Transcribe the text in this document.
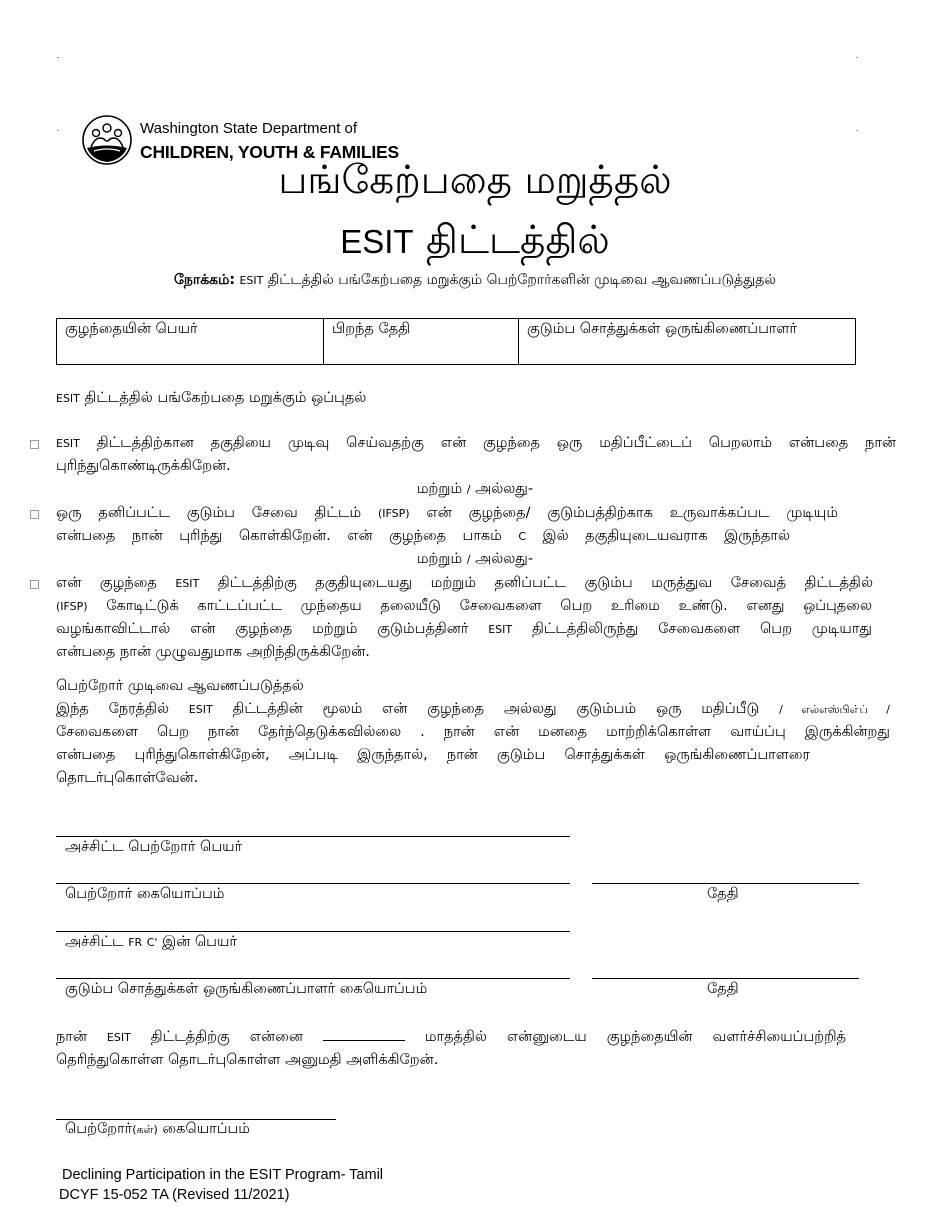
Washington State Department of
CHILDREN, YOUTH & FAMILIES
பங்கேற்பதை மறுத்தல்
ESIT திட்டத்தில்
நோக்கம்: ESIT திட்டத்தில் பங்கேற்பதை மறுக்கும் பெற்றோர்களின் முடிவை ஆவணப்படுத்துதல்
குழந்தையின் பெயர்	பிறந்த தேதி	குடும்ப சொத்துக்கள் ஒருங்கிணைப்பாளர்
ESIT திட்டத்தில் பங்கேற்பதை மறுக்கும் ஒப்புதல்
ESIT திட்டத்திற்கான தகுதியை முடிவு செய்வதற்கு என் குழந்தை ஒரு மதிப்பீட்டைப் பெறலாம் என்பதை நான்
புரிந்துகொண்டிருக்கிறேன்.
மற்றும் / அல்லது-
ஒரு தனிப்பட்ட குடும்ப சேவை திட்டம் (IFSP) என் குழந்தை/ குடும்பத்திற்காக உருவாக்கப்பட முடியும்
என்பதை நான் புரிந்து கொள்கிறேன். என் குழந்தை பாகம் C இல் தகுதியுடையவராக இருந்தால்
மற்றும் / அல்லது-
என் குழந்தை ESIT திட்டத்திற்கு தகுதியுடையது மற்றும் தனிப்பட்ட குடும்ப மருத்துவ சேவைத் திட்டத்தில்
(IFSP) கோடிட்டுக் காட்டப்பட்ட முந்தைய தலையீடு சேவைகளை பெற உரிமை உண்டு. எனது ஒப்புதலை
வழங்காவிட்டால் என் குழந்தை மற்றும் குடும்பத்தினர் ESIT திட்டத்திலிருந்து சேவைகளை பெற முடியாது
என்பதை நான் முழுவதுமாக அறிந்திருக்கிறேன்.
பெற்றோர் முடிவை ஆவணப்படுத்தல்
இந்த நேரத்தில் ESIT திட்டத்தின் மூலம் என் குழந்தை அல்லது குடும்பம் ஒரு மதிப்பீடு / எல்எஸ்பிஎ்ப் /
சேவைகளை பெற நான் தேர்ந்தெடுக்கவில்லை . நான் என் மனதை மாற்றிக்கொள்ள வாய்ப்பு இருக்கின்றது
என்பதை புரிந்துகொள்கிறேன், அப்படி இருந்தால், நான் குடும்ப சொத்துக்கள் ஒருங்கிணைப்பாளரை
தொடர்புகொள்வேன்.
அச்சிட்ட பெற்றோர் பெயர்
பெற்றோர் கையொப்பம்	தேதி
அச்சிட்ட FR C' இன் பெயர்
குடும்ப சொத்துக்கள் ஒருங்கிணைப்பாளர் கையொப்பம்	தேதி
நான் ESIT திட்டத்திற்கு என்னை	மாதத்தில் என்னுடைய குழந்தையின் வளர்ச்சியைப்பற்றித்
தெரிந்துகொள்ள தொடர்புகொள்ள அனுமதி அளிக்கிறேன்.
பெற்றோர்(கள்) கையொப்பம்
Declining Participation in the ESIT Program- Tamil
DCYF 15-052 TA (Revised 11/2021)
